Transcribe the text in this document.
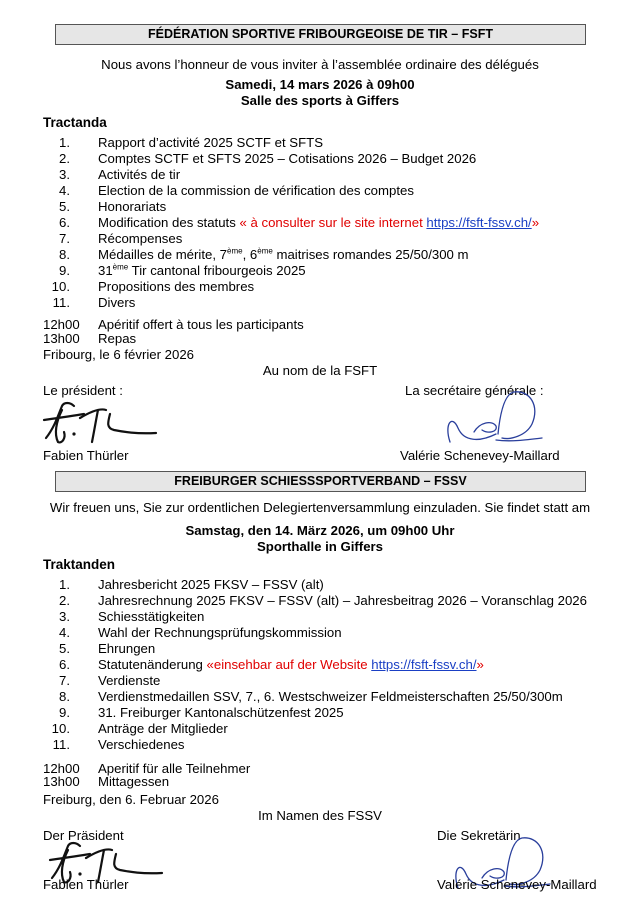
FÉDÉRATION SPORTIVE FRIBOURGEOISE DE TIR – FSFT
Nous avons l’honneur de vous inviter à l’assemblée ordinaire des délégués
Samedi, 14 mars 2026 à 09h00
Salle des sports à Giffers
Tractanda
1. Rapport d’activité 2025 SCTF et SFTS
2. Comptes SCTF et SFTS 2025 – Cotisations 2026 – Budget 2026
3. Activités de tir
4. Election de la commission de vérification des comptes
5. Honorariats
6. Modification des statuts « à consulter sur le site internet https://fsft-fssv.ch/»
7. Récompenses
8. Médailles de mérite, 7ème, 6ème maitrises romandes 25/50/300 m
9. 31ème Tir cantonal fribourgeois 2025
10. Propositions des membres
11. Divers
12h00 Apéritif offert à tous les participants
13h00 Repas
Fribourg, le 6 février 2026
Au nom de la FSFT
Le président :	La secrétaire générale :
Fabien Thürler	Valérie Schenevey-Maillard
FREIBURGER SCHIESSSPORTVERBAND – FSSV
Wir freuen uns, Sie zur ordentlichen Delegiertenversammlung einzuladen. Sie findet statt am
Samstag, den 14. März 2026, um 09h00 Uhr
Sporthalle in Giffers
Traktanden
1. Jahresbericht 2025 FKSV – FSSV (alt)
2. Jahresrechnung 2025 FKSV – FSSV (alt) – Jahresbeitrag 2026 – Voranschlag 2026
3. Schiesstätigkeiten
4. Wahl der Rechnungsprüfungskommission
5. Ehrungen
6. Statutenänderung «einsehbar auf der Website https://fsft-fssv.ch/»
7. Verdienste
8. Verdienstmedaillen SSV, 7., 6. Westschweizer Feldmeisterschaften 25/50/300m
9. 31. Freiburger Kantonalschützenfest 2025
10. Anträge der Mitglieder
11. Verschiedenes
12h00 Aperitif für alle Teilnehmer
13h00 Mittagessen
Freiburg, den 6. Februar 2026
Im Namen des FSSV
Der Präsident	Die Sekretärin
Fabien Thürler	Valérie Schenevey-Maillard
